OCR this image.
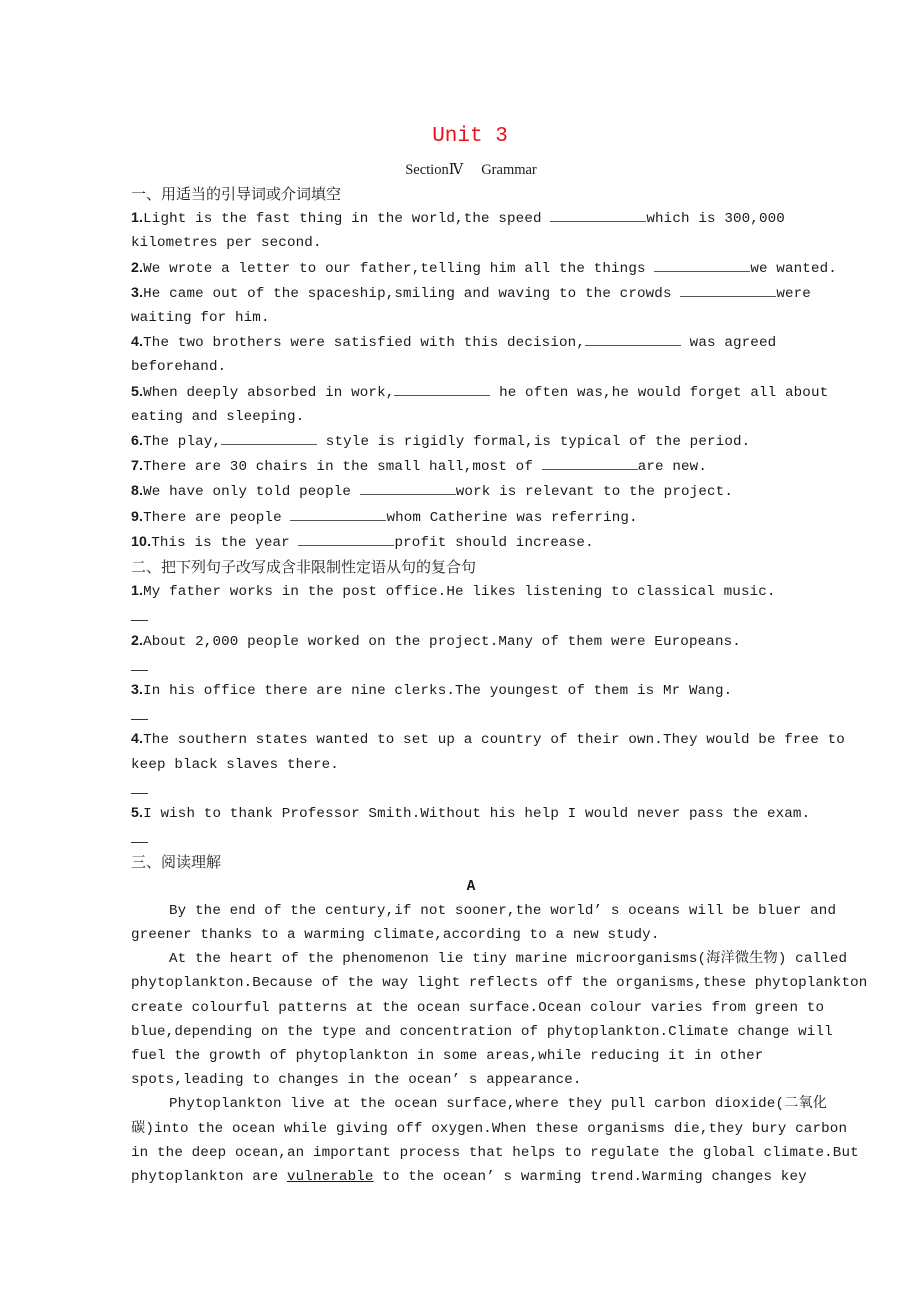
Unit 3
SectionⅣ Grammar
一、用适当的引导词或介词填空
1.Light is the fast thing in the world,the speed	which is 300,000
kilometres per second.
2.We wrote a letter to our father,telling him all the things	we wanted.
3.He came out of the spaceship,smiling and waving to the crowds	were
waiting for him.
4.The two brothers were satisfied with this decision,	was agreed
beforehand.
5.When deeply absorbed in work,	he often was,he would forget all about
eating and sleeping.
6.The play,	style is rigidly formal,is typical of the period.
7.There are 30 chairs in the small hall,most of	are new.
8.We have only told people	work is relevant to the project.
9.There are people	whom Catherine was referring.
10.This is the year	profit should increase.
二、把下列句子改写成含非限制性定语从句的复合句
1.My father works in the post office.He likes listening to classical music.
2.About 2,000 people worked on the project.Many of them were Europeans.
3.In his office there are nine clerks.The youngest of them is Mr Wang.
4.The southern states wanted to set up a country of their own.They would be free to
keep black slaves there.
5.I wish to thank Professor Smith.Without his help I would never pass the exam.
三、阅读理解
A
By the end of the century,if not sooner,the world’ s oceans will be bluer and
greener thanks to a warming climate,according to a new study.
At the heart of the phenomenon lie tiny marine microorganisms(海洋微生物) called
phytoplankton.Because of the way light reflects off the organisms,these phytoplankton
create colourful patterns at the ocean surface.Ocean colour varies from green to
blue,depending on the type and concentration of phytoplankton.Climate change will
fuel the growth of phytoplankton in some areas,while reducing it in other
spots,leading to changes in the ocean’ s appearance.
Phytoplankton live at the ocean surface,where they pull carbon dioxide(二氧化
碳)into the ocean while giving off oxygen.When these organisms die,they bury carbon
in the deep ocean,an important process that helps to regulate the global climate.But
phytoplankton are vulnerable to the ocean’ s warming trend.Warming changes key
